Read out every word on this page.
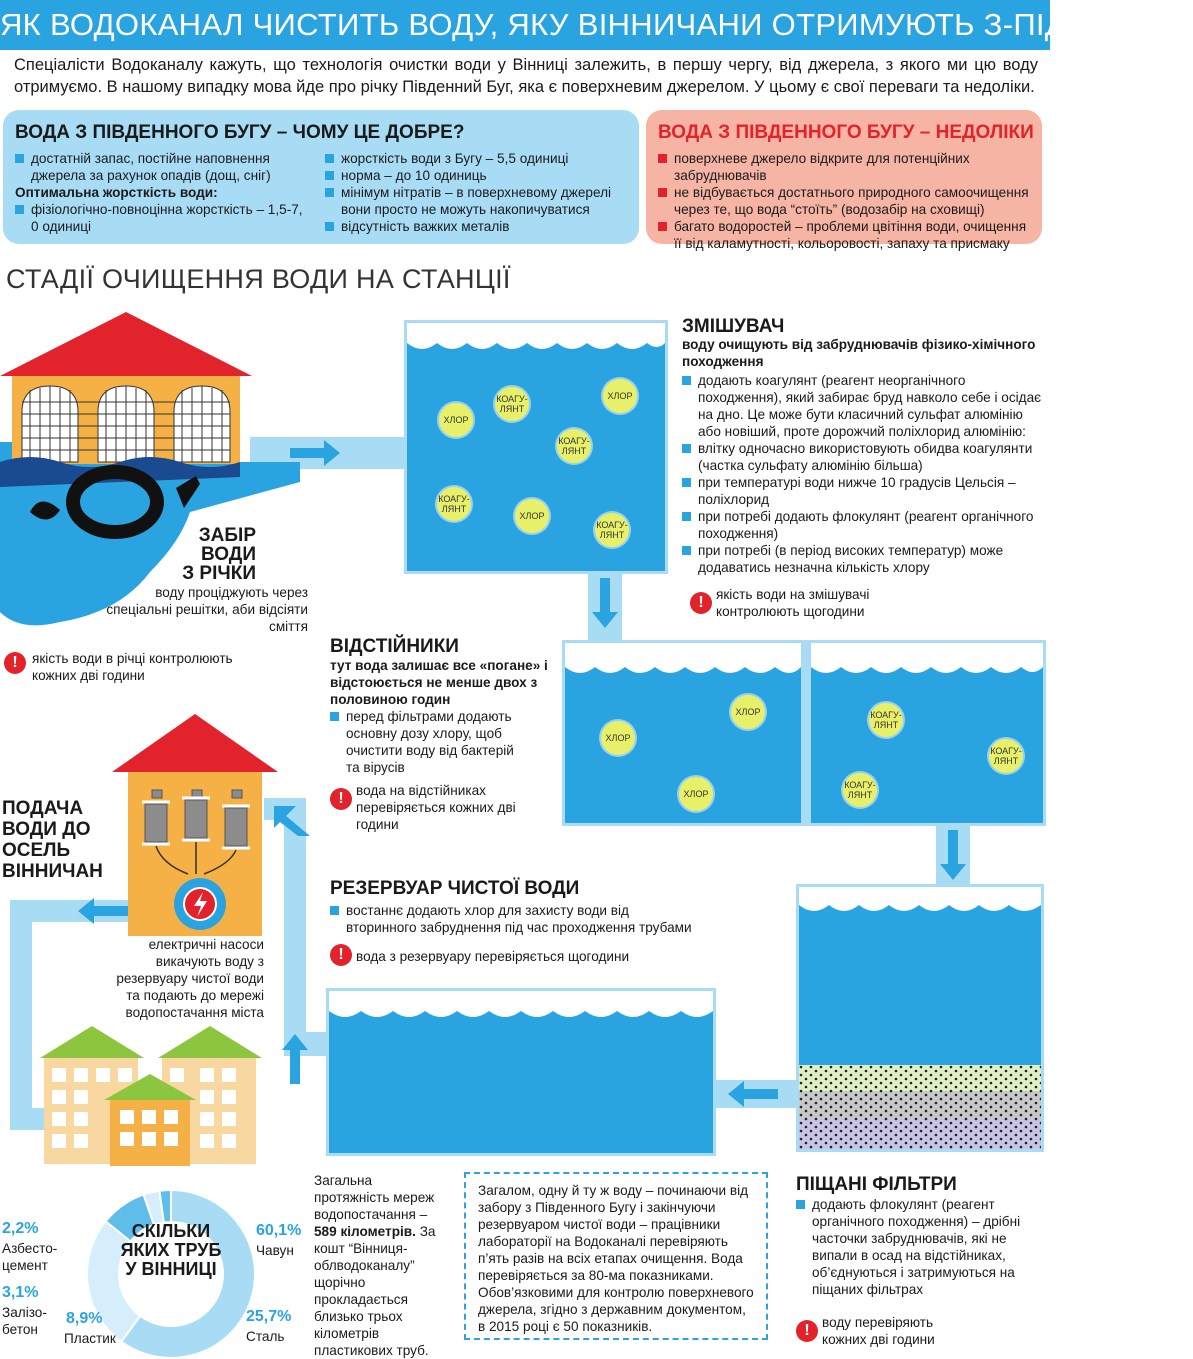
ЯК ВОДОКАНАЛ ЧИСТИТЬ ВОДУ, ЯКУ ВІННИЧАНИ ОТРИМУЮТЬ З-ПІД КРАНУ?
Спеціалісти Водоканалу кажуть, що технологія очистки води у Вінниці залежить, в першу чергу, від джерела, з якого ми цю воду отримуємо. В нашому випадку мова йде про річку Південний Буг, яка є поверхневим джерелом. У цьому є свої переваги та недоліки.
ВОДА З ПІВДЕННОГО БУГУ – ЧОМУ ЦЕ ДОБРЕ?
достатній запас, постійне наповнення джерела за рахунок опадів (дощ, сніг)
Оптимальна жорсткість води:
фізіологічно-повноцінна жорсткість – 1,5-7, 0 одиниці
жорсткість води з Бугу – 5,5 одиниці
норма – до 10 одиниць
мінімум нітратів – в поверхневому джерелі вони просто не можуть накопичуватися
відсутність важких металів
ВОДА З ПІВДЕННОГО БУГУ – НЕДОЛІКИ
поверхневе джерело відкрите для потенційних забруднювачів
не відбувається достатнього природного самоочищення через те, що вода “стоїть” (водозабір на сховищі)
багато водоростей – проблеми цвітіння води, очищення її від каламутності, кольоровості, запаху та присмаку
СТАДІЇ ОЧИЩЕННЯ ВОДИ НА СТАНЦІЇ
ЗАБІР
ВОДИ
З РІЧКИ
воду проціджують через спеціальні решітки, аби відсіяти сміття
!	якість води в річці контролюють кожних дві години
ХЛОР
КОАГУ-ЛЯНТ
ХЛОР
КОАГУ-ЛЯНТ
КОАГУ-ЛЯНТ
ХЛОР
КОАГУ-ЛЯНТ
ЗМІШУВАЧ
воду очищують від забруднювачів фізико-хімічного походження
додають коагулянт (реагент неорганічного походження), який забирає бруд навколо себе і осідає на дно. Це може бути класичний сульфат алюмінію або новіший, проте дорожчий поліхлорид алюмінію:
влітку одночасно використовують обидва коагулянти (частка сульфату алюмінію більша)
при температурі води нижче 10 градусів Цельсія – поліхлорид
при потребі додають флокулянт (реагент органічного походження)
при потребі (в період високих температур) може додаватись незначна кількість хлору
! якість води на змішувачі контролюють щогодини
ХЛОР
ХЛОР
ХЛОР
КОАГУ-ЛЯНТ
КОАГУ-ЛЯНТ
КОАГУ-ЛЯНТ
ВІДСТІЙНИКИ
тут вода залишає все «погане» і відстоюється не менше двох з половиною годин
перед фільтрами додають основну дозу хлору, щоб очистити воду від бактерій та вірусів
! вода на відстійниках перевіряється кожних дві години
ПОДАЧА
ВОДИ ДО
ОСЕЛЬ
ВІННИЧАН
електричні насоси викачують воду з резервуару чистої води та подають до мережі водопостачання міста
РЕЗЕРВУАР ЧИСТОЇ ВОДИ
востаннє додають хлор для захисту води від вторинного забруднення під час проходження трубами
! вода з резервуару перевіряється щогодини
ПІЩАНІ ФІЛЬТРИ
додають флокулянт (реагент органічного походження) – дрібні часточки забруднювачів, які не випали в осад на відстійниках, об’єднуються і затримуються на піщаних фільтрах
! воду перевіряють кожних дві години
СКІЛЬКИ ЯКИХ ТРУБ У ВІННИЦІ
2,2%
Азбесто-цемент
3,1%
Залізо-бетон
8,9%
Пластик
25,7%
Сталь
60,1%
Чавун
Загальна протяжність мереж водопостачання – 589 кілометрів. За кошт “Вінницяоблводоканалу” щорічно прокладається близько трьох кілометрів пластикових труб.
Загалом, одну й ту ж воду – починаючи від забору з Південного Бугу і закінчуючи резервуаром чистої води – працівники лабораторії на Водоканалі перевіряють п’ять разів на всіх етапах очищення. Вода перевіряється за 80-ма показниками. Обов’язковими для контролю поверхневого джерела, згідно з державним документом, в 2015 році є 50 показників.
